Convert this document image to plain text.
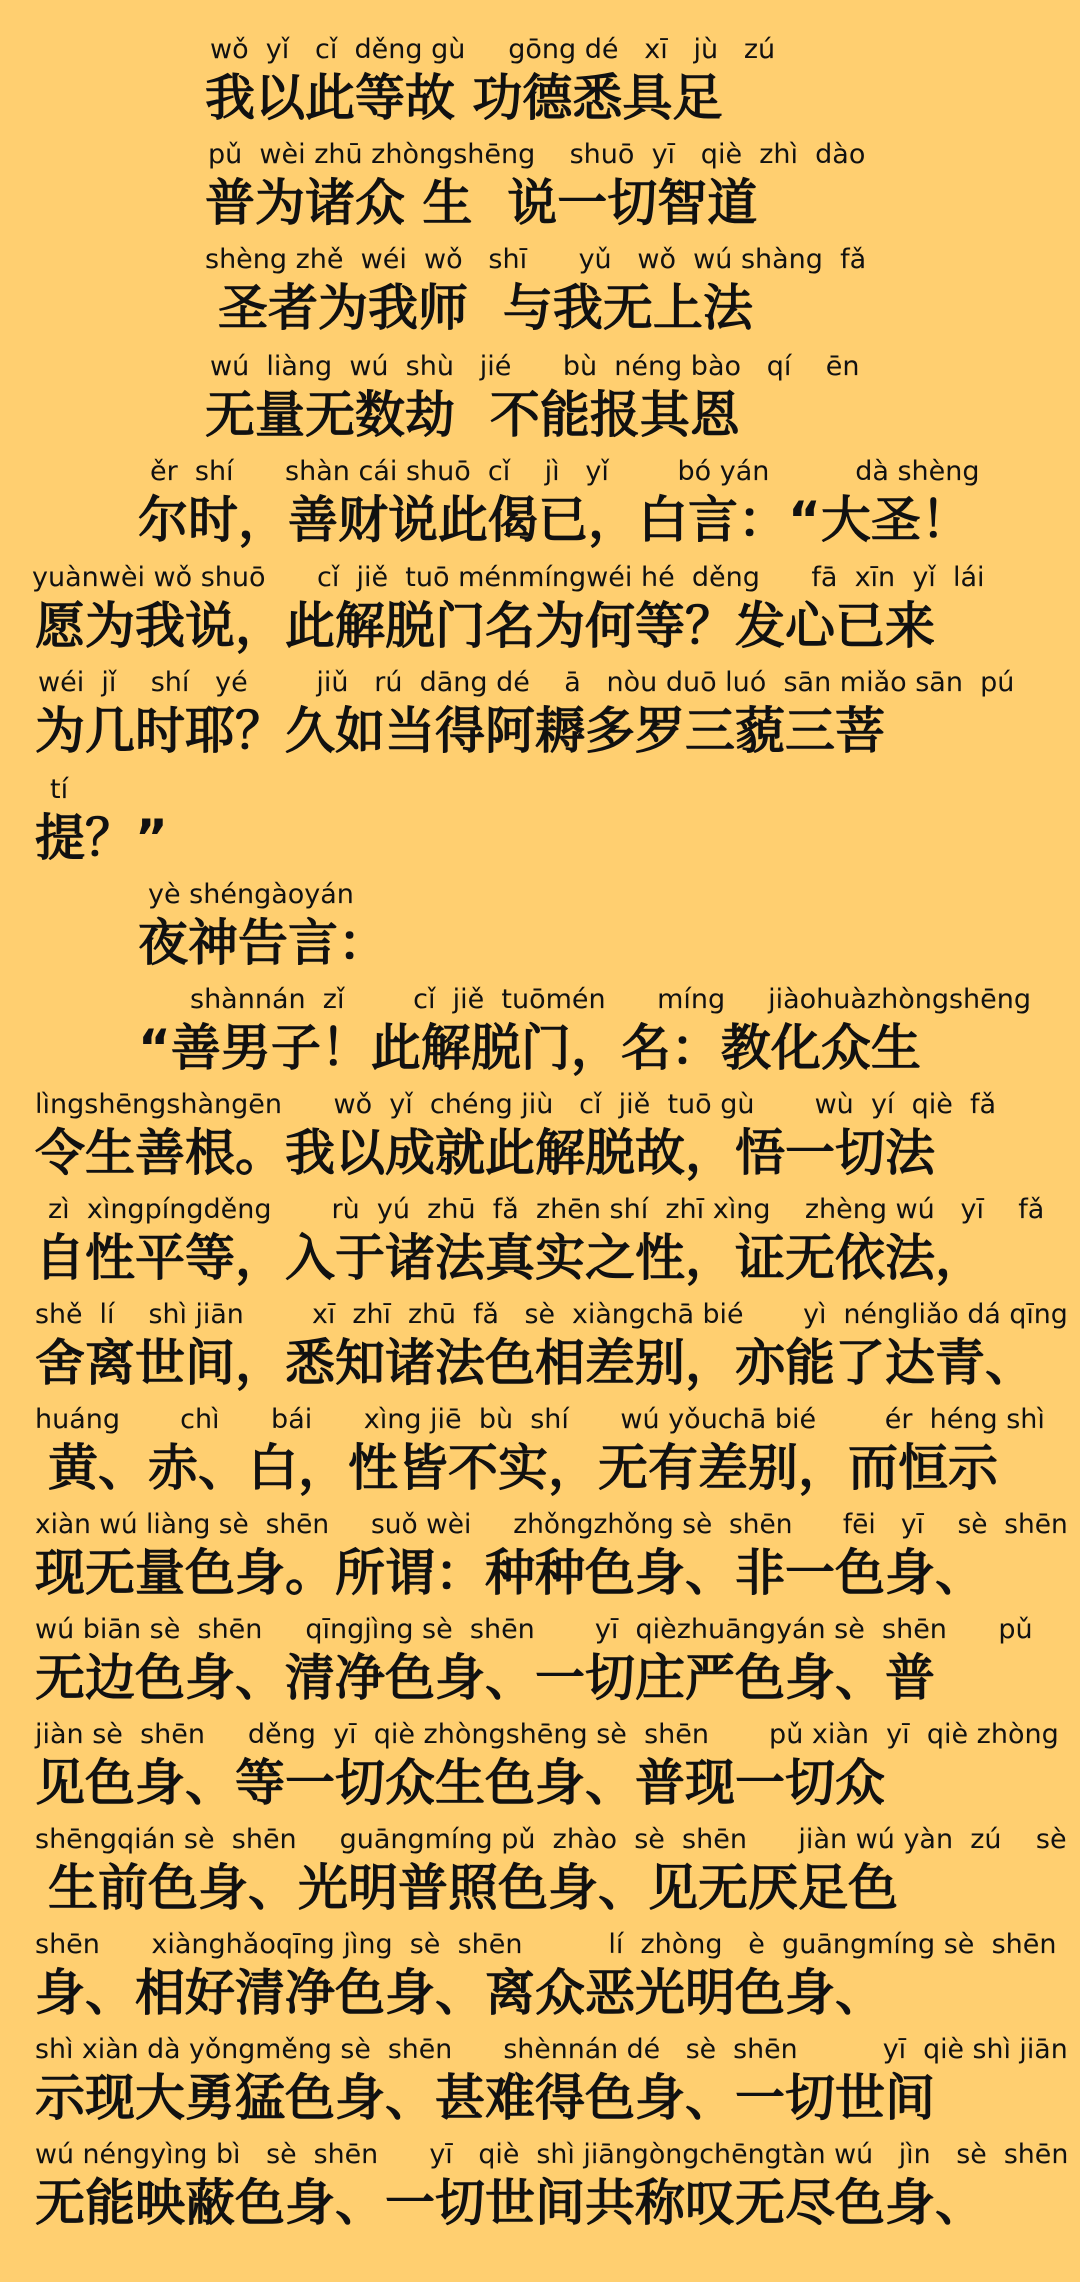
wǒ  yǐ   cǐ  děng gù     gōng dé   xī   jù   zú
我以此等故 功德悉具足
pǔ  wèi zhū zhòngshēng    shuō  yī   qiè  zhì  dào
普为诸众 生  说一切智道
shèng zhě  wéi  wǒ   shī      yǔ   wǒ  wú shàng  fǎ
圣者为我师  与我无上法
wú  liàng  wú  shù   jié      bù  néng bào   qí    ēn
无量无数劫  不能报其恩
ěr  shí      shàn cái shuō  cǐ    jì   yǐ        bó yán          dà shèng
尔时，善财说此偈已，白言：“大圣！
yuànwèi wǒ shuō      cǐ  jiě  tuō ménmíngwéi hé  děng      fā  xīn  yǐ  lái
愿为我说，此解脱门名为何等？发心已来
wéi  jǐ    shí   yé        jiǔ   rú  dāng dé    ā   nòu duō luó  sān miǎo sān  pú
为几时耶？久如当得阿耨多罗三藐三菩
tí
提？”
yè shéngàoyán
夜神告言：
shànnán  zǐ        cǐ  jiě  tuōmén      míng     jiàohuàzhòngshēng
“善男子！此解脱门，名：教化众生
lìngshēngshàngēn      wǒ  yǐ  chéng jiù   cǐ  jiě  tuō gù       wù  yí  qiè  fǎ
令生善根。我以成就此解脱故，悟一切法
zì  xìngpíngděng       rù  yú  zhū  fǎ  zhēn shí  zhī xìng    zhèng wú   yī    fǎ
自性平等，入于诸法真实之性，证无依法，
shě  lí    shì jiān        xī  zhī  zhū  fǎ   sè  xiàngchā bié       yì  néngliǎo dá qīng
舍离世间，悉知诸法色相差别，亦能了达青、
huáng       chì      bái      xìng jiē  bù  shí      wú yǒuchā bié        ér  héng shì
黄、赤、白，性皆不实，无有差别，而恒示
xiàn wú liàng sè  shēn     suǒ wèi     zhǒngzhǒng sè  shēn      fēi   yī    sè  shēn
现无量色身。所谓：种种色身、非一色身、
wú biān sè  shēn     qīngjìng sè  shēn       yī  qièzhuāngyán sè  shēn      pǔ
无边色身、清净色身、一切庄严色身、普
jiàn sè  shēn     děng  yī  qiè zhòngshēng sè  shēn       pǔ xiàn  yī  qiè zhòng
见色身、等一切众生色身、普现一切众
shēngqián sè  shēn     guāngmíng pǔ  zhào  sè  shēn      jiàn wú yàn  zú    sè
生前色身、光明普照色身、见无厌足色
shēn      xiànghǎoqīng jìng  sè  shēn          lí  zhòng   è  guāngmíng sè  shēn
身、相好清净色身、离众恶光明色身、
shì xiàn dà yǒngměng sè  shēn      shènnán dé   sè  shēn          yī  qiè shì jiān
示现大勇猛色身、甚难得色身、一切世间
wú néngyìng bì   sè  shēn      yī   qiè  shì jiāngòngchēngtàn wú   jìn   sè  shēn
无能映蔽色身、一切世间共称叹无尽色身、
